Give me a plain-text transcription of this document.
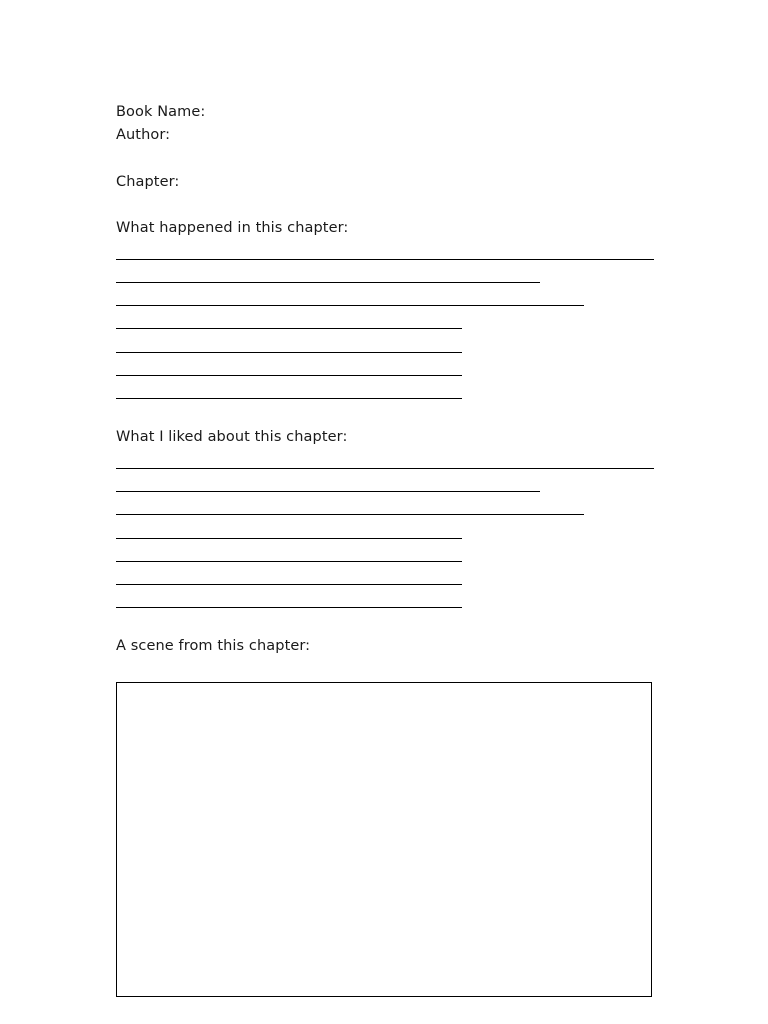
Book Name:
Author:
Chapter:
What happened in this chapter:
What I liked about this chapter:
A scene from this chapter:
